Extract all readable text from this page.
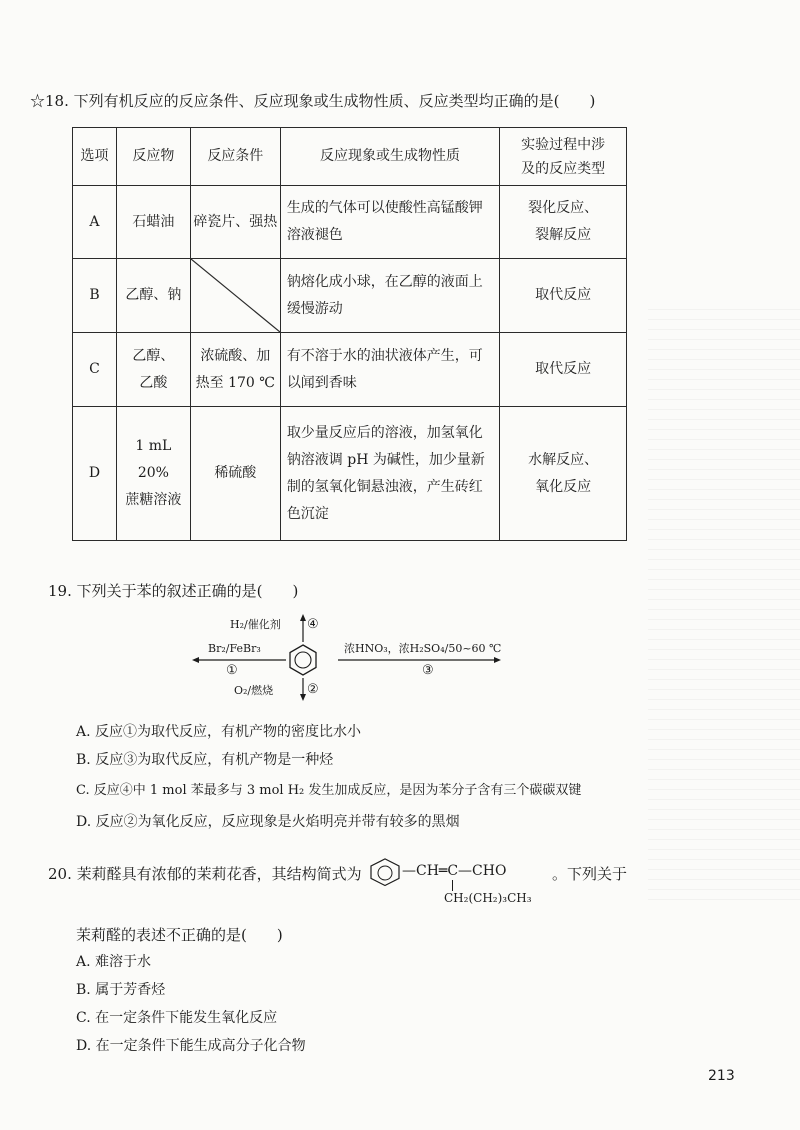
☆18. 下列有机反应的反应条件、反应现象或生成物性质、反应类型均正确的是(　　)
选项	反应物	反应条件	反应现象或生成物性质	实验过程中涉
及的反应类型
A	石蜡油	碎瓷片、强热	生成的气体可以使酸性高锰酸钾
溶液褪色	裂化反应、
裂解反应
B	乙醇、钠		钠熔化成小球，在乙醇的液面上
缓慢游动	取代反应
C	乙醇、
乙酸	浓硫酸、加
热至 170 ℃	有不溶于水的油状液体产生，可
以闻到香味	取代反应
D	1 mL 20%
蔗糖溶液	稀硫酸	取少量反应后的溶液，加氢氧化
钠溶液调 pH 为碱性，加少量新
制的氢氧化铜悬浊液，产生砖红
色沉淀	水解反应、
氧化反应
19. 下列关于苯的叙述正确的是(　　)
H₂/催化剂 ④
Br₂/FeBr₃
①
O₂/燃烧	②
浓HNO₃，浓H₂SO₄/50~60 ℃
③
A. 反应①为取代反应，有机产物的密度比水小
B. 反应③为取代反应，有机产物是一种烃
C. 反应④中 1 mol 苯最多与 3 mol H₂ 发生加成反应，是因为苯分子含有三个碳碳双键
D. 反应②为氧化反应，反应现象是火焰明亮并带有较多的黑烟
20. 茉莉醛具有浓郁的茉莉花香，其结构简式为	—CH═C—CHO
CH₂(CH₂)₃CH₃
。下列关于
茉莉醛的表述不正确的是(　　)
A. 难溶于水
B. 属于芳香烃
C. 在一定条件下能发生氧化反应
D. 在一定条件下能生成高分子化合物
213
